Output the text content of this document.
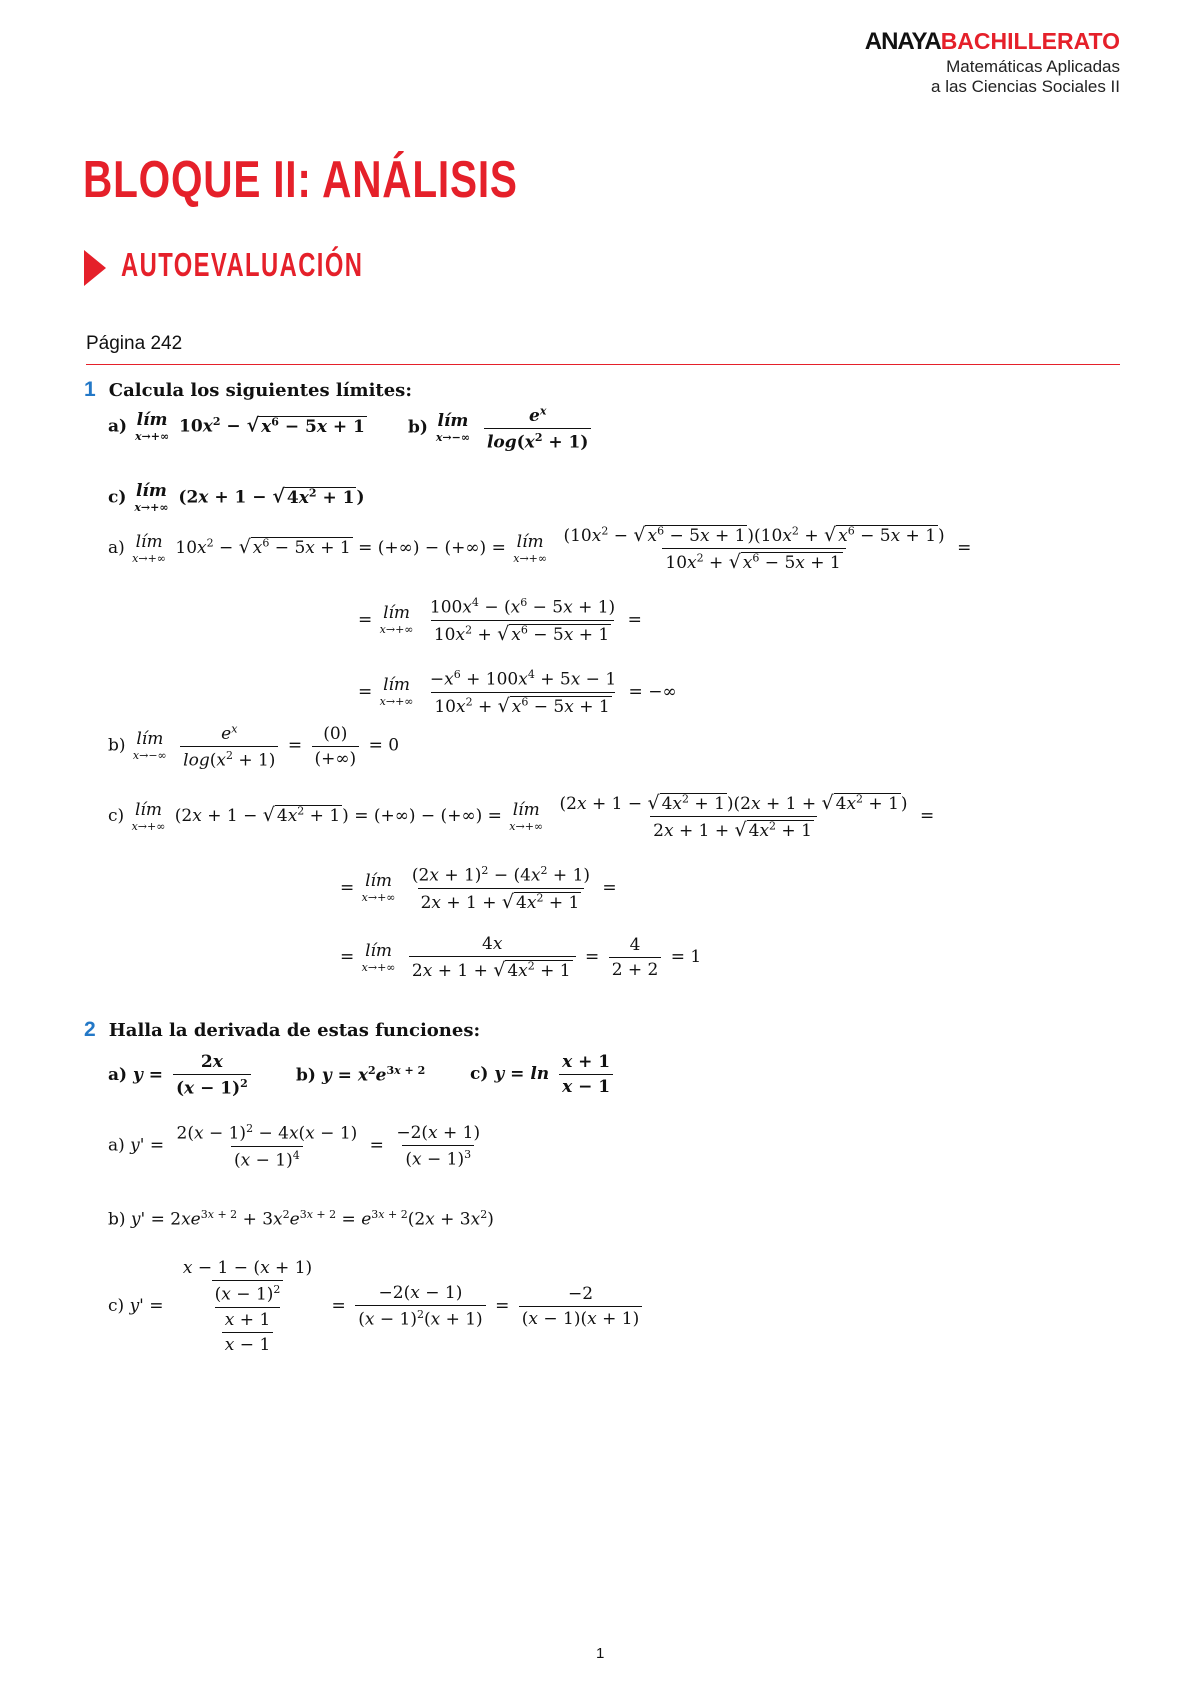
ANAYABACHILLERATO
Matemáticas Aplicadas
a las Ciencias Sociales II
BLOQUE II: ANÁLISIS
AUTOEVALUACIÓN
Página 242
1 Calcula los siguientes límites:
a) lím
x→+∞ $10x^2$ − √ $x^6 - 5x + 1$	b) lím
x→−∞
$\frac{e^x}{\log(x^2 + 1)}$
c) lím
x→+∞ (2x + 1 − √ $4x^2 + 1$ )
a) lím
x→+∞ $10x^2$ − √ $x^6 - 5x + 1$ = (+∞) − (+∞) = lím
x→+∞
$\frac{(10x^2 - √ x^6 - 5x + 1 )(10x^2 + √ x^6 - 5x + 1 )}{10x^2 + √ x^6 - 5x + 1}$ =
= lím
x→+∞
$\frac{100x^4 - (x^6 - 5x + 1)}{10x^2 + √ x^6 - 5x + 1}$ =
= lím
x→+∞
$\frac{-x^6 + 100x^4 + 5x - 1}{10x^2 + √ x^6 - 5x + 1}$ = −∞
b) lím
x→−∞
$\frac{e^x}{\log(x^2 + 1)} = \frac{(0)}{(+\infty)} = 0$
c) lím
x→+∞ (2x + 1 − √ $4x^2 + 1$ ) = (+∞) − (+∞) = lím
x→+∞
$\frac{(2x + 1 - √ 4x^2 + 1 )(2x + 1 + √ 4x^2 + 1 )}{2x + 1 + √ 4x^2 + 1}$ =
= lím
x→+∞
$\frac{(2x + 1)^2 - (4x^2 + 1)}{2x + 1 + √ 4x^2 + 1}$ =
= lím
x→+∞
$\frac{4x}{2x + 1 + √ 4x^2 + 1} = \frac{4}{2 + 2} = 1$
2 Halla la derivada de estas funciones:
a) $y = \frac{2x}{(x - 1)^2}$	b) $y = x^2e^{3x + 2}$	c) $y = \ln \frac{x + 1}{x - 1}$
a) $y' = \frac{2(x - 1)^2 - 4x(x - 1)}{(x - 1)^4} = \frac{-2(x + 1)}{(x - 1)^3}$
b) $y' = 2xe^{3x + 2} + 3x^2e^{3x + 2} = e^{3x + 2}(2x + 3x^2)$
c) $y' = \frac{\frac{x - 1 - (x + 1)}{(x - 1)^2}}{\frac{x + 1}{x - 1}} = \frac{-2(x - 1)}{(x - 1)^2(x + 1)} = \frac{-2}{(x - 1)(x + 1)}$
1
